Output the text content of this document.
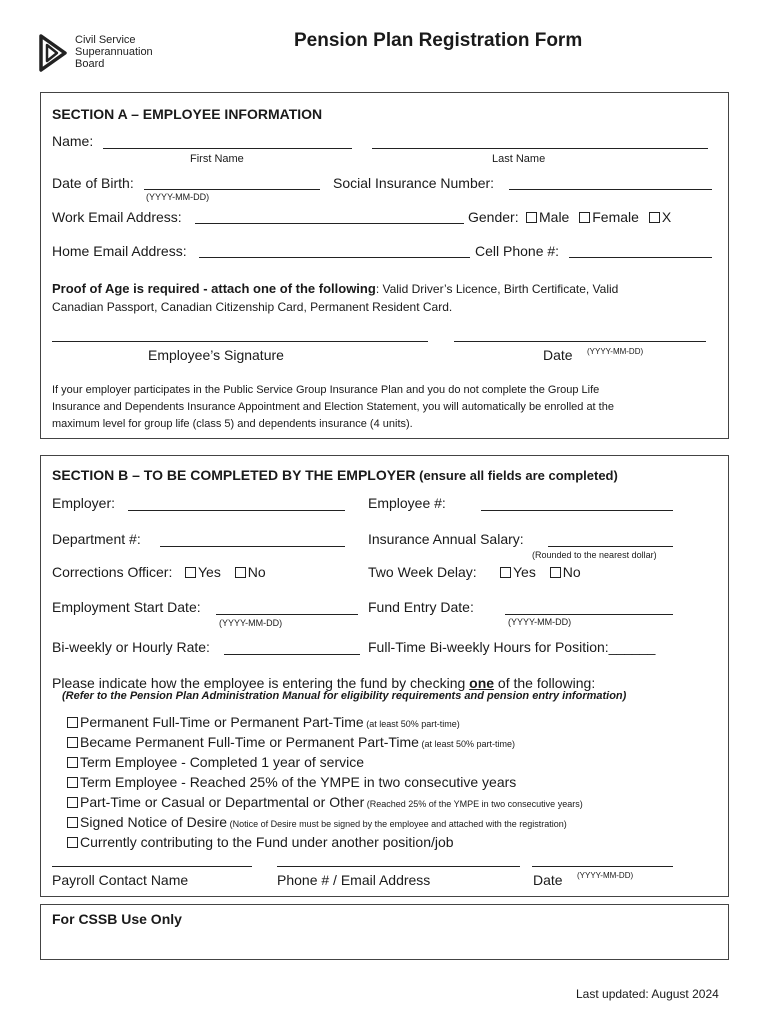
Civil Service
Superannuation
Board
Pension Plan Registration Form
SECTION A – EMPLOYEE INFORMATION
Name:
First Name	Last Name
Date of Birth:
(YYYY-MM-DD)
Social Insurance Number:
Work Email Address:	Gender:	Male Female X
Home Email Address:	Cell Phone #:
Proof of Age is required - attach one of the following: Valid Driver’s Licence, Birth Certificate, Valid
Canadian Passport, Canadian Citizenship Card, Permanent Resident Card.
Employee’s Signature	Date (YYYY-MM-DD)
If your employer participates in the Public Service Group Insurance Plan and you do not complete the Group Life
Insurance and Dependents Insurance Appointment and Election Statement, you will automatically be enrolled at the
maximum level for group life (class 5) and dependents insurance (4 units).
SECTION B – TO BE COMPLETED BY THE EMPLOYER (ensure all fields are completed)
Employer:	Employee #:
Department #:	Insurance Annual Salary:
(Rounded to the nearest dollar)
Corrections Officer:	Yes No	Two Week Delay:	Yes No
Employment Start Date:
(YYYY-MM-DD)
Fund Entry Date:
(YYYY-MM-DD)
Bi-weekly or Hourly Rate:	Full-Time Bi-weekly Hours for Position:______
Please indicate how the employee is entering the fund by checking one of the following:
(Refer to the Pension Plan Administration Manual for eligibility requirements and pension entry information)
Permanent Full-Time or Permanent Part-Time (at least 50% part-time)
Became Permanent Full-Time or Permanent Part-Time (at least 50% part-time)
Term Employee - Completed 1 year of service
Term Employee - Reached 25% of the YMPE in two consecutive years
Part-Time or Casual or Departmental or Other (Reached 25% of the YMPE in two consecutive years)
Signed Notice of Desire (Notice of Desire must be signed by the employee and attached with the registration)
Currently contributing to the Fund under another position/job
Payroll Contact Name	Phone # / Email Address	Date (YYYY-MM-DD)
For CSSB Use Only
Last updated: August 2024
